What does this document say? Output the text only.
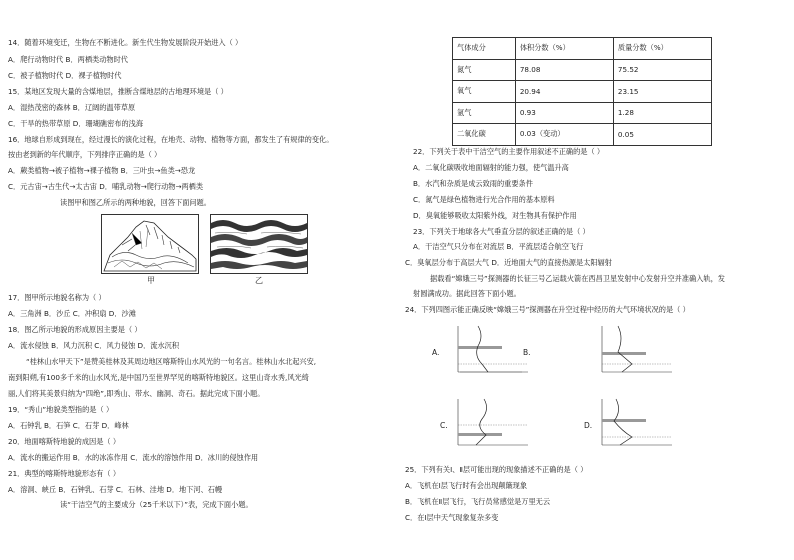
14．随着环境变迁，生物在不断进化。新生代生物发展阶段开始进入（ ）
A．爬行动物时代 B．两栖类动物时代
C．被子植物时代 D．裸子植物时代
15．某地区发现大量的含煤地层，推断含煤地层的古地理环境是（ ）
A．湿热茂密的森林 B．辽阔的温带草原
C．干旱的热带草原 D．珊瑚礁密布的浅海
16．地球自形成到现在，经过漫长的演化过程，在地壳、动物、植物等方面，都发生了有规律的变化。
按由老到新的年代顺序，下列排序正确的是（ ）
A．蕨类植物→被子植物→裸子植物 B．三叶虫→鱼类→恐龙
C．元古宙→古生代→太古宙 D．哺乳动物→爬行动物→两栖类
读图甲和图乙所示的两种地貌，回答下面问题。
甲	乙
17．图甲所示地貌名称为（ ）
A．三角洲 B．沙丘 C．冲积扇 D．沙滩
18．图乙所示地貌的形成原因主要是（ ）
A．流水侵蚀 B．风力沉积 C．风力侵蚀 D．流水沉积
“桂林山水甲天下”是赞美桂林及其周边地区喀斯特山水风光的一句名言。桂林山水北起兴安,
南到阳朔,有100多千米的山水风光,是中国乃至世界罕见的喀斯特地貌区。这里山奇水秀,风光绮
丽,人们将其美景归纳为“四绝”,即秀山、带水、幽洞、奇石。据此完成下面小题。
19．“秀山”地貌类型指的是（ ）
A．石钟乳 B．石笋 C．石芽 D．峰林
20．地面喀斯特地貌的成因是（ ）
A．流水的搬运作用 B．水的冰冻作用 C．流水的溶蚀作用 D．冰川的侵蚀作用
21．典型的喀斯特地貌形态有（ ）
A．溶洞、峡丘 B．石钟乳、石芽 C．石林、洼地 D．地下河、石幔
读“干洁空气的主要成分（25千米以下）”表，完成下面小题。
气体成分	体积分数（%）	质量分数（%）
氮气	78.08	75.52
氧气	20.94	23.15
氩气	0.93	1.28
二氧化碳	0.03（变动）	0.05
22．下列关于表中干洁空气的主要作用叙述不正确的是（ ）
A．二氧化碳吸收地面辐射的能力强，使气温升高
B．水汽和杂质是成云致雨的重要条件
C．氮气是绿色植物进行光合作用的基本原料
D．臭氧能够吸收太阳紫外线，对生物具有保护作用
23．下列关于地球各大气垂直分层的叙述正确的是（ ）
A．干洁空气只分布在对流层 B．平流层适合航空飞行
C．臭氧层分布于高层大气 D．近地面大气的直接热源是太阳辐射
据载看“嫦娥三号”探测器的长征三号乙运载火箭在西昌卫星发射中心发射升空并准确入轨，发
射圆满成功。据此回答下面小题。
24．下列四图示能正确反映“嫦娥三号”探测器在升空过程中经历的大气环境状况的是（ ）
A.	B.
C.	D.
25．下列有关Ⅰ、Ⅱ层可能出现的现象描述不正确的是（ ）
A．飞机在Ⅰ层飞行时有会出现颠簸现象
B．飞机在Ⅱ层飞行，飞行员常感觉是万里无云
C．在Ⅰ层中天气现象复杂多变
